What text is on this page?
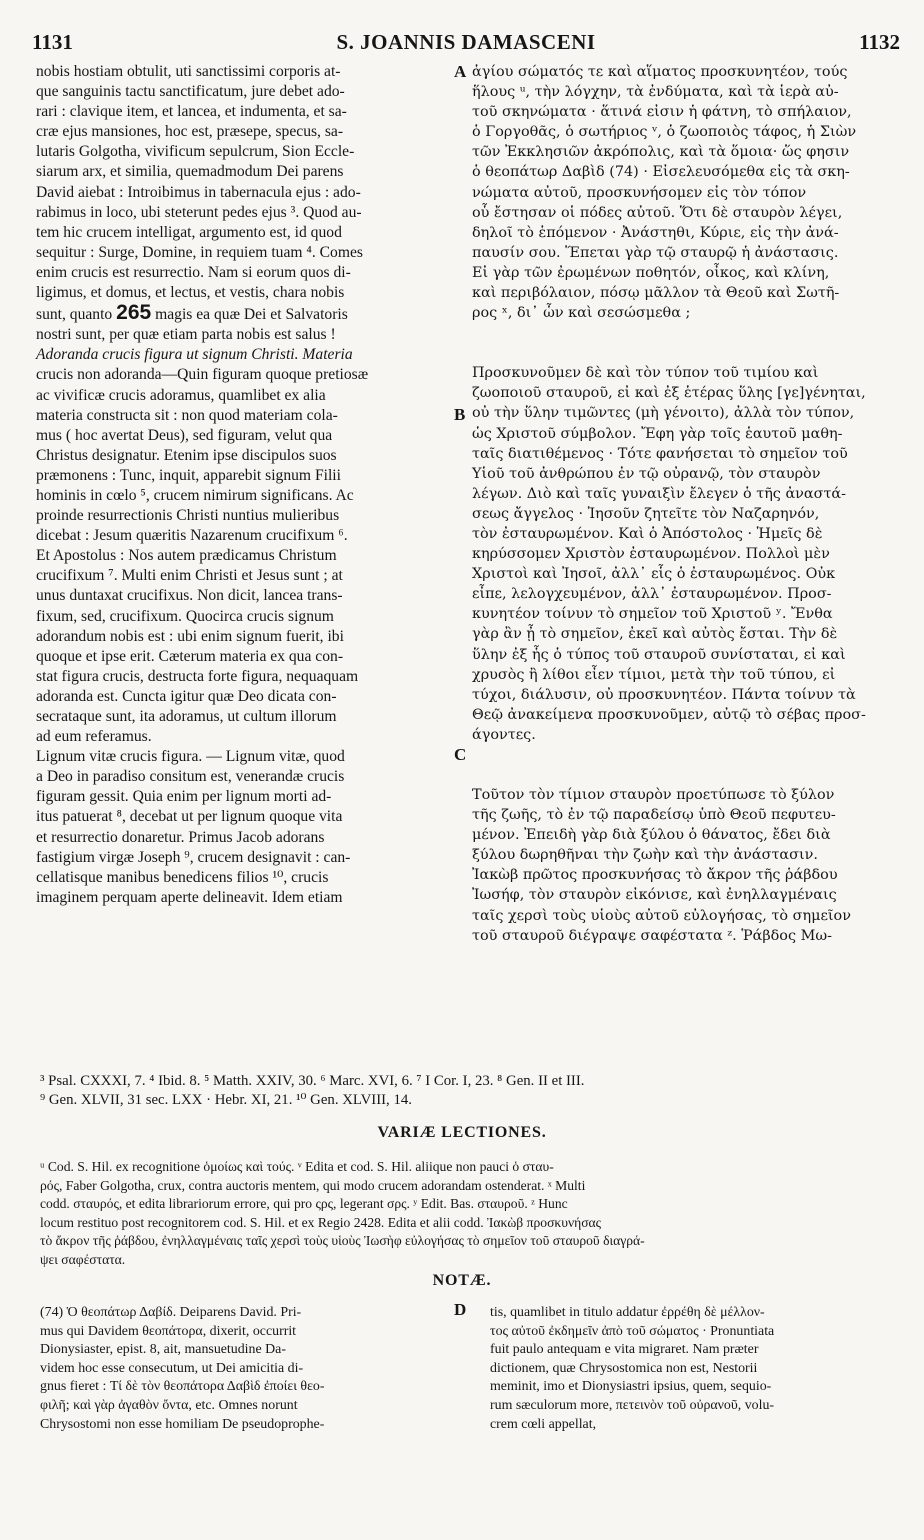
1131	S. JOANNIS DAMASCENI	1132

nobis hostiam obtulit, uti sanctissimi corporis at-

que sanguinis tactu sanctificatum, jure debet ado-

rari : clavique item, et lancea, et indumenta, et sa-

cræ ejus mansiones, hoc est, præsepe, specus, sa-

lutaris Golgotha, vivificum sepulcrum, Sion Eccle-

siarum arx, et similia, quemadmodum Dei parens

David aiebat : Introibimus in tabernacula ejus : ado-

rabimus in loco, ubi steterunt pedes ejus ³. Quod au-

tem hic crucem intelligat, argumento est, id quod

sequitur : Surge, Domine, in requiem tuam ⁴. Comes

enim crucis est resurrectio. Nam si eorum quos di-

ligimus, et domus, et lectus, et vestis, chara nobis

sunt, quanto 265 magis ea quæ Dei et Salvatoris

nostri sunt, per quæ etiam parta nobis est salus !

Adoranda crucis figura ut signum Christi. Materia

crucis non adoranda—Quin figuram quoque pretiosæ

ac vivificæ crucis adoramus, quamlibet ex alia

materia constructa sit : non quod materiam cola-

mus ( hoc avertat Deus), sed figuram, velut qua

Christus designatur. Etenim ipse discipulos suos

præmonens : Tunc, inquit, apparebit signum Filii

hominis in cœlo ⁵, crucem nimirum significans. Ac

proinde resurrectionis Christi nuntius mulieribus

dicebat : Jesum quæritis Nazarenum crucifixum ⁶.

Et Apostolus : Nos autem prædicamus Christum

crucifixum ⁷. Multi enim Christi et Jesus sunt ; at

unus duntaxat crucifixus. Non dicit, lancea trans-

fixum, sed, crucifixum. Quocirca crucis signum

adorandum nobis est : ubi enim signum fuerit, ibi

quoque et ipse erit. Cæterum materia ex qua con-

stat figura crucis, destructa forte figura, nequaquam

adoranda est. Cuncta igitur quæ Deo dicata con-

secrataque sunt, ita adoramus, ut cultum illorum

ad eum referamus.

Lignum vitæ crucis figura. — Lignum vitæ, quod

a Deo in paradiso consitum est, venerandæ crucis

figuram gessit. Quia enim per lignum morti ad-

itus patuerat ⁸, decebat ut per lignum quoque vita

et resurrectio donaretur. Primus Jacob adorans

fastigium virgæ Joseph ⁹, crucem designavit : can-

cellatisque manibus benedicens filios ¹⁰, crucis

imaginem perquam aperte delineavit. Idem etiam

A
B
C
D

ἁγίου σώματός τε καὶ αἵματος προσκυνητέον, τούς

ἥλους ᵘ, τὴν λόγχην, τὰ ἐνδύματα, καὶ τὰ ἱερὰ αὐ-

τοῦ σκηνώματα · ἅτινά εἰσιν ἡ φάτνη, τὸ σπήλαιον,

ὁ Γοργοθᾶς, ὁ σωτήριος ᵛ, ὁ ζωοποιὸς τάφος, ἡ Σιὼν

τῶν Ἐκκλησιῶν ἀκρόπολις, καὶ τὰ ὅμοια· ὥς φησιν

ὁ θεοπάτωρ Δαβὶδ (74) · Εἰσελευσόμεθα εἰς τὰ σκη-

νώματα αὐτοῦ, προσκυνήσομεν εἰς τὸν τόπον

οὗ ἔστησαν οἱ πόδες αὐτοῦ. Ὅτι δὲ σταυρὸν λέγει,

δηλοῖ τὸ ἑπόμενον · Ἀνάστηθι, Κύριε, εἰς τὴν ἀνά-

παυσίν σου. Ἕπεται γὰρ τῷ σταυρῷ ἡ ἀνάστασις.

Εἰ γὰρ τῶν ἐρωμένων ποθητόν, οἶκος, καὶ κλίνη,

καὶ περιβόλαιον, πόσῳ μᾶλλον τὰ Θεοῦ καὶ Σωτῆ-

ρος ˣ, δι᾿ ὧν καὶ σεσώσμεθα ;

Προσκυνοῦμεν δὲ καὶ τὸν τύπον τοῦ τιμίου καὶ

ζωοποιοῦ σταυροῦ, εἰ καὶ ἐξ ἑτέρας ὕλης [γε]γένηται,

οὐ τὴν ὕλην τιμῶντες (μὴ γένοιτο), ἀλλὰ τὸν τύπον,

ὡς Χριστοῦ σύμβολον. Ἔφη γὰρ τοῖς ἑαυτοῦ μαθη-

ταῖς διατιθέμενος · Τότε φανήσεται τὸ σημεῖον τοῦ

Υἱοῦ τοῦ ἀνθρώπου ἐν τῷ οὐρανῷ, τὸν σταυρὸν

λέγων. Διὸ καὶ ταῖς γυναιξὶν ἔλεγεν ὁ τῆς ἀναστά-

σεως ἄγγελος · Ἰησοῦν ζητεῖτε τὸν Ναζαρηνόν,

τὸν ἐσταυρωμένον. Καὶ ὁ Ἀπόστολος · Ἡμεῖς δὲ

κηρύσσομεν Χριστὸν ἐσταυρωμένον. Πολλοὶ μὲν

Χριστοὶ καὶ Ἰησοῖ, ἀλλ᾿ εἷς ὁ ἐσταυρωμένος. Οὐκ

εἶπε, λελογχευμένον, ἀλλ᾿ ἐσταυρωμένον. Προσ-

κυνητέον τοίνυν τὸ σημεῖον τοῦ Χριστοῦ ʸ. Ἔνθα

γὰρ ἂν ᾖ τὸ σημεῖον, ἐκεῖ καὶ αὐτὸς ἔσται. Τὴν δὲ

ὕλην ἐξ ἧς ὁ τύπος τοῦ σταυροῦ συνίσταται, εἰ καὶ

χρυσὸς ἢ λίθοι εἶεν τίμιοι, μετὰ τὴν τοῦ τύπου, εἰ

τύχοι, διάλυσιν, οὐ προσκυνητέον. Πάντα τοίνυν τὰ

Θεῷ ἀνακείμενα προσκυνοῦμεν, αὐτῷ τὸ σέβας προσ-

άγοντες.

Τοῦτον τὸν τίμιον σταυρὸν προετύπωσε τὸ ξύλον

τῆς ζωῆς, τὸ ἐν τῷ παραδείσῳ ὑπὸ Θεοῦ πεφυτευ-

μένον. Ἐπειδὴ γὰρ διὰ ξύλου ὁ θάνατος, ἔδει διὰ

ξύλου δωρηθῆναι τὴν ζωὴν καὶ τὴν ἀνάστασιν.

Ἰακὼβ πρῶτος προσκυνήσας τὸ ἄκρον τῆς ῥάβδου

Ἰωσήφ, τὸν σταυρὸν εἰκόνισε, καὶ ἐνηλλαγμέναις

ταῖς χερσὶ τοὺς υἱοὺς αὐτοῦ εὐλογήσας, τὸ σημεῖον

τοῦ σταυροῦ διέγραψε σαφέστατα ᶻ. Ῥάβδος Μω-

³ Psal. CXXXI, 7. ⁴ Ibid. 8. ⁵ Matth. XXIV, 30. ⁶ Marc. XVI, 6. ⁷ I Cor. I, 23. ⁸ Gen. II et III.

⁹ Gen. XLVII, 31 sec. LXX · Hebr. XI, 21. ¹⁰ Gen. XLVIII, 14.

VARIÆ LECTIONES.

ᵘ Cod. S. Hil. ex recognitione ὁμοίως καὶ τούς. ᵛ Edita et cod. S. Hil. aliique non pauci ὁ σταυ-

ρός, Faber Golgotha, crux, contra auctoris mentem, qui modo crucem adorandam ostenderat. ˣ Multi

codd. σταυρός, et edita librariorum errore, qui pro ςρς, legerant σρς. ʸ Edit. Bas. σταυροῦ. ᶻ Hunc

locum restituo post recognitorem cod. S. Hil. et ex Regio 2428. Edita et alii codd. Ἰακὼβ προσκυνήσας

τὸ ἄκρον τῆς ῥάβδου, ἐνηλλαγμέναις ταῖς χερσὶ τοὺς υἱοὺς Ἰωσὴφ εὐλογήσας τὸ σημεῖον τοῦ σταυροῦ διαγρά-

ψει σαφέστατα.

NOTÆ.

(74) Ὁ θεοπάτωρ Δαβίδ. Deiparens David. Pri-

mus qui Davidem θεοπάτορα, dixerit, occurrit

Dionysiaster, epist. 8, ait, mansuetudine Da-

videm hoc esse consecutum, ut Dei amicitia di-

gnus fieret : Τί δὲ τὸν θεοπάτορα Δαβὶδ ἐποίει θεο-

φιλῆ; καὶ γὰρ ἀγαθὸν ὄντα, etc. Omnes norunt

Chrysostomi non esse homiliam De pseudoprophe-

tis, quamlibet in titulo addatur ἐρρέθη δὲ μέλλον-

τος αὐτοῦ ἐκδημεῖν ἀπὸ τοῦ σώματος · Pronuntiata

fuit paulo antequam e vita migraret. Nam præter

dictionem, quæ Chrysostomica non est, Nestorii

meminit, imo et Dionysiastri ipsius, quem, sequio-

rum sæculorum more, πετεινὸν τοῦ οὐρανοῦ, volu-

crem cœli appellat,
